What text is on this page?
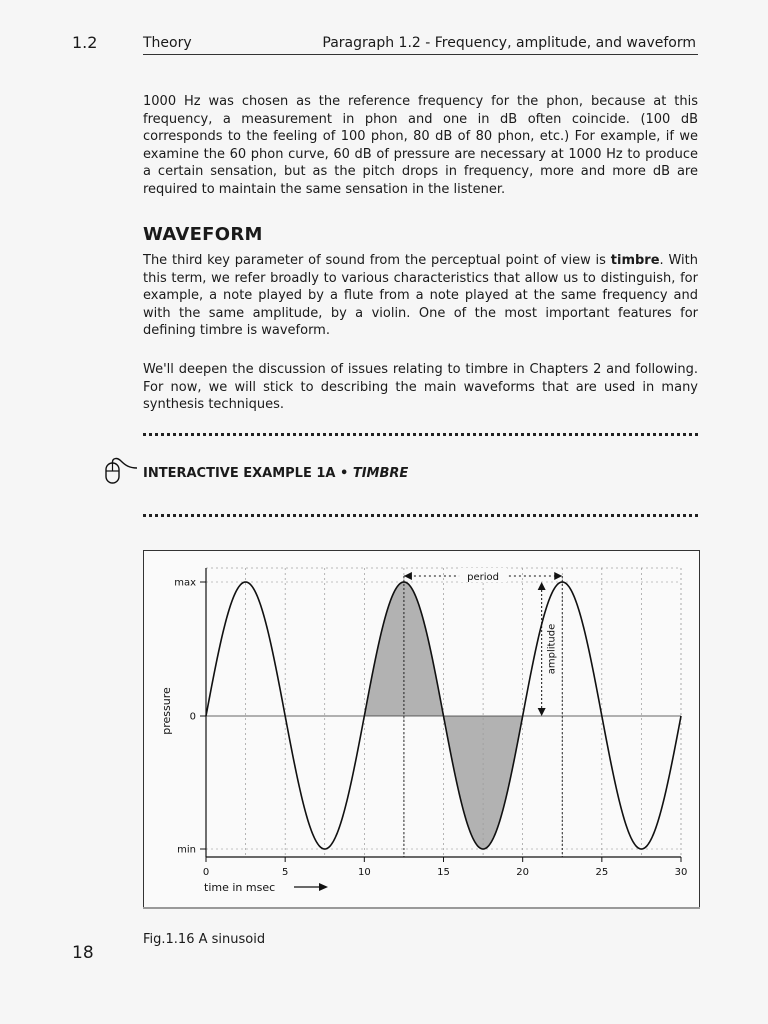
1.2	Theory	Paragraph 1.2 - Frequency, amplitude, and waveform

1000 Hz was chosen as the reference frequency for the phon, because at this frequency, a measurement in phon and one in dB often coincide. (100 dB corresponds to the feeling of 100 phon, 80 dB of 80 phon, etc.) For example, if we examine the 60 phon curve, 60 dB of pressure are necessary at 1000 Hz to produce a certain sensation, but as the pitch drops in frequency, more and more dB are required to maintain the same sensation in the listener.

WAVEFORM

The third key parameter of sound from the perceptual point of view is timbre. With this term, we refer broadly to various characteristics that allow us to distinguish, for example, a note played by a flute from a note played at the same frequency and with the same amplitude, by a violin. One of the most important features for defining timbre is waveform.

We'll deepen the discussion of issues relating to timbre in Chapters 2 and following. For now, we will stick to describing the main waveforms that are used in many synthesis techniques.

INTERACTIVE EXAMPLE 1A • TIMBRE
min
0
max
0	5	10	15	20	25	30
time in msec
pressure
period
amplitude
Fig.1.16 A sinusoid
18
